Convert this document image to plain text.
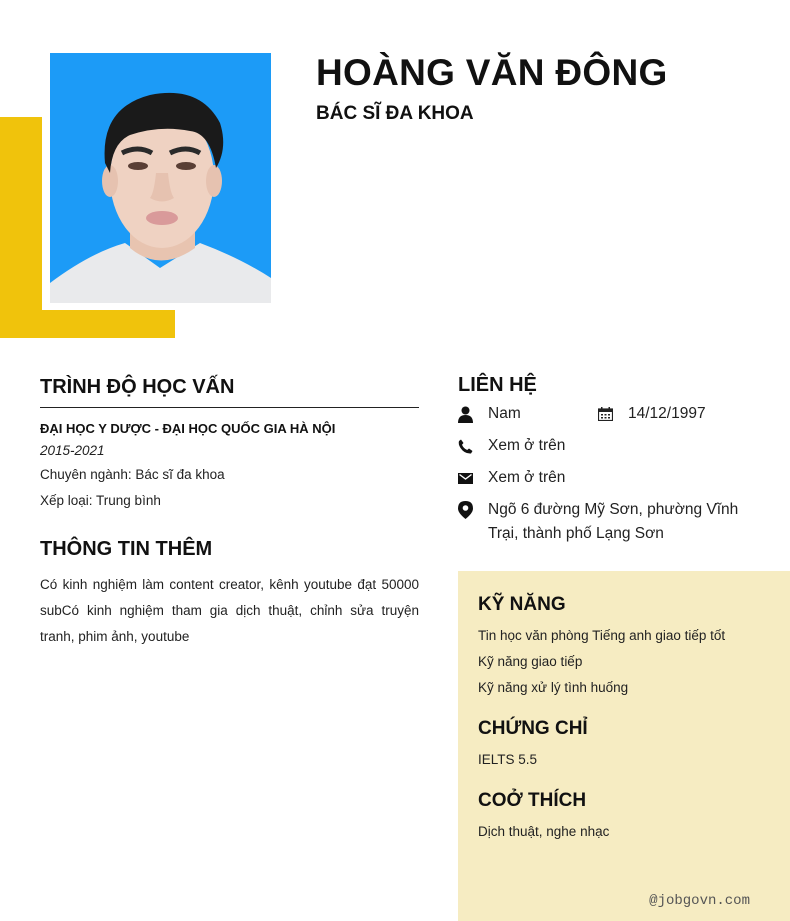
HOÀNG VĂN ĐÔNG
BÁC SĨ ĐA KHOA
TRÌNH ĐỘ HỌC VẤN
ĐẠI HỌC Y DƯỢC - ĐẠI HỌC QUỐC GIA HÀ NỘI
2015-2021
Chuyên ngành: Bác sĩ đa khoa
Xếp loại: Trung bình
THÔNG TIN THÊM
Có kinh nghiệm làm content creator, kênh youtube đạt 50000 subCó kinh nghiệm tham gia dịch thuật, chỉnh sửa truyện tranh, phim ảnh, youtube
LIÊN HỆ
Nam	14/12/1997
Xem ở trên
Xem ở trên
Ngõ 6 đường Mỹ Sơn, phường Vĩnh Trại, thành phố Lạng Sơn
KỸ NĂNG
Tin học văn phòng Tiếng anh giao tiếp tốt
Kỹ năng giao tiếp
Kỹ năng xử lý tình huống
CHỨNG CHỈ
IELTS 5.5
COỞ THÍCH
Dịch thuật, nghe nhạc
@jobgovn.com
